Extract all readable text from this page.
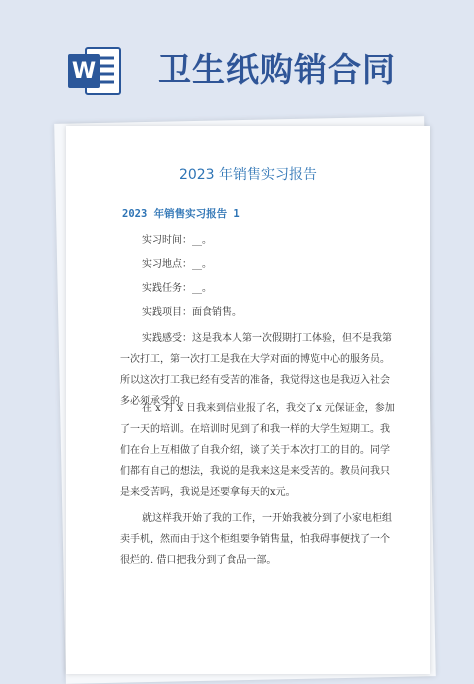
W 卫生纸购销合同
2023 年销售实习报告
2023 年销售实习报告 1

实习时间：__。

实习地点：__。

实践任务：__。

实践项目：面食销售。

实践感受：这是我本人第一次假期打工体验，但不是我第一次打工，第一次打工是我在大学对面的博览中心的服务员。所以这次打工我已经有受苦的准备，我觉得这也是我迈入社会多必须承受的。

在 x 月 x 日我来到信业报了名，我交了x 元保证金，参加了一天的培训。在培训时见到了和我一样的大学生短期工。我们在台上互相做了自我介绍，谈了关于本次打工的目的。同学们都有自己的想法，我说的是我来这是来受苦的。教员问我只是来受苦吗，我说是还要拿每天的x元。

就这样我开始了我的工作，一开始我被分到了小家电柜组卖手机，然而由于这个柜组要争销售量，怕我碍事便找了一个很烂的. 借口把我分到了食品一部。
